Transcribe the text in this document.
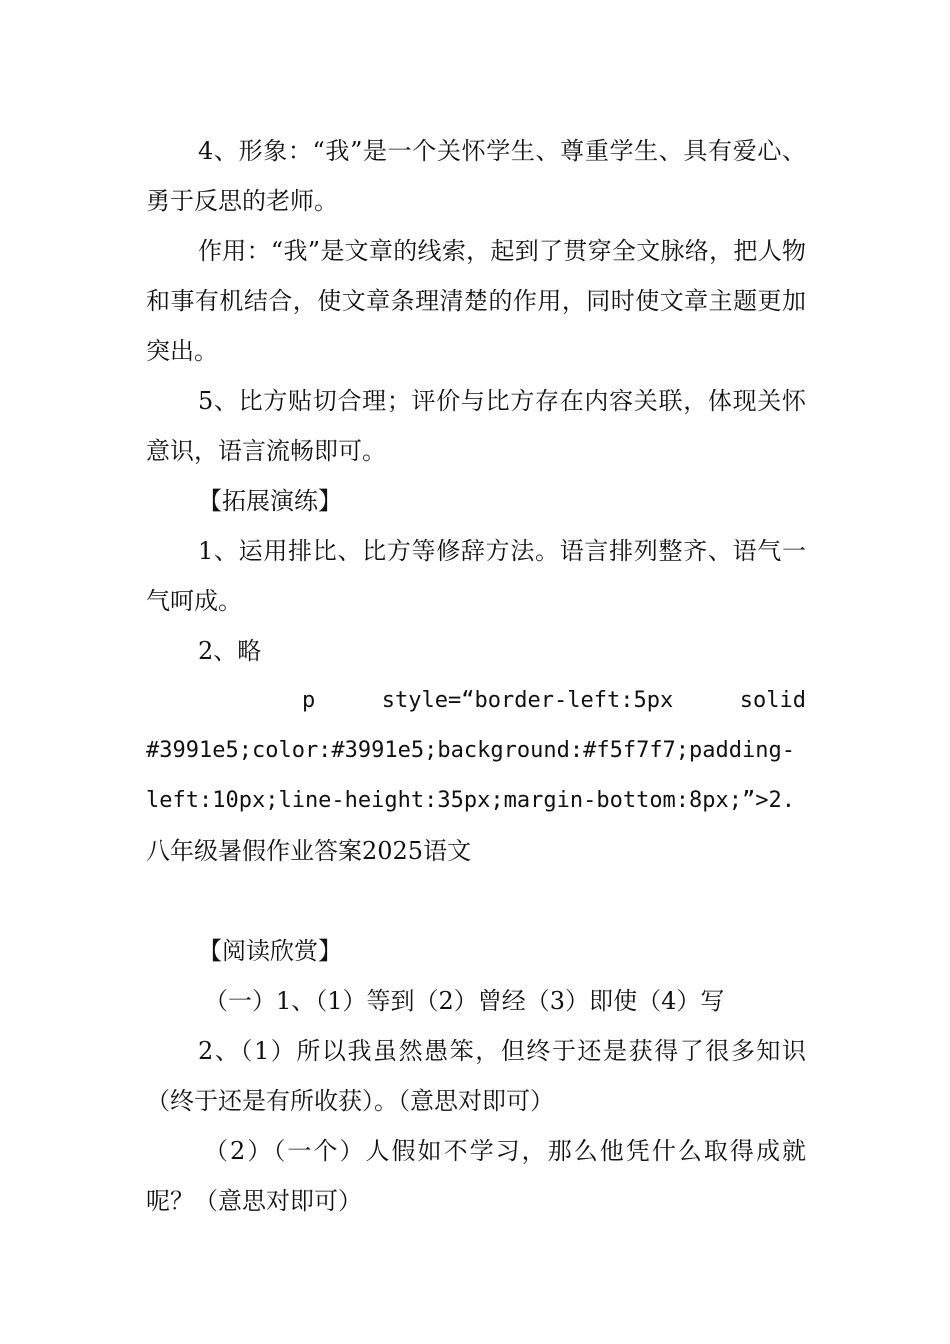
4、形象：“我”是一个关怀学生、尊重学生、具有爱心、勇于反思的老师。

作用：“我”是文章的线索，起到了贯穿全文脉络，把人物和事有机结合，使文章条理清楚的作用，同时使文章主题更加突出。

5、比方贴切合理；评价与比方存在内容关联，体现关怀意识，语言流畅即可。

【拓展演练】

1、运用排比、比方等修辞方法。语言排列整齐、语气一气呵成。

2、略

p	style=“border-left:5px	solid

#3991e5;color:#3991e5;background:#f5f7f7;padding-left:10px;line-height:35px;margin-bottom:8px;”>2.

八年级暑假作业答案2025语文

【阅读欣赏】

（一）1、（1）等到（2）曾经（3）即使（4）写

2、（1）所以我虽然愚笨，但终于还是获得了很多知识（终于还是有所收获）。（意思对即可）

（2）（一个）人假如不学习，那么他凭什么取得成就呢？（意思对即可）
